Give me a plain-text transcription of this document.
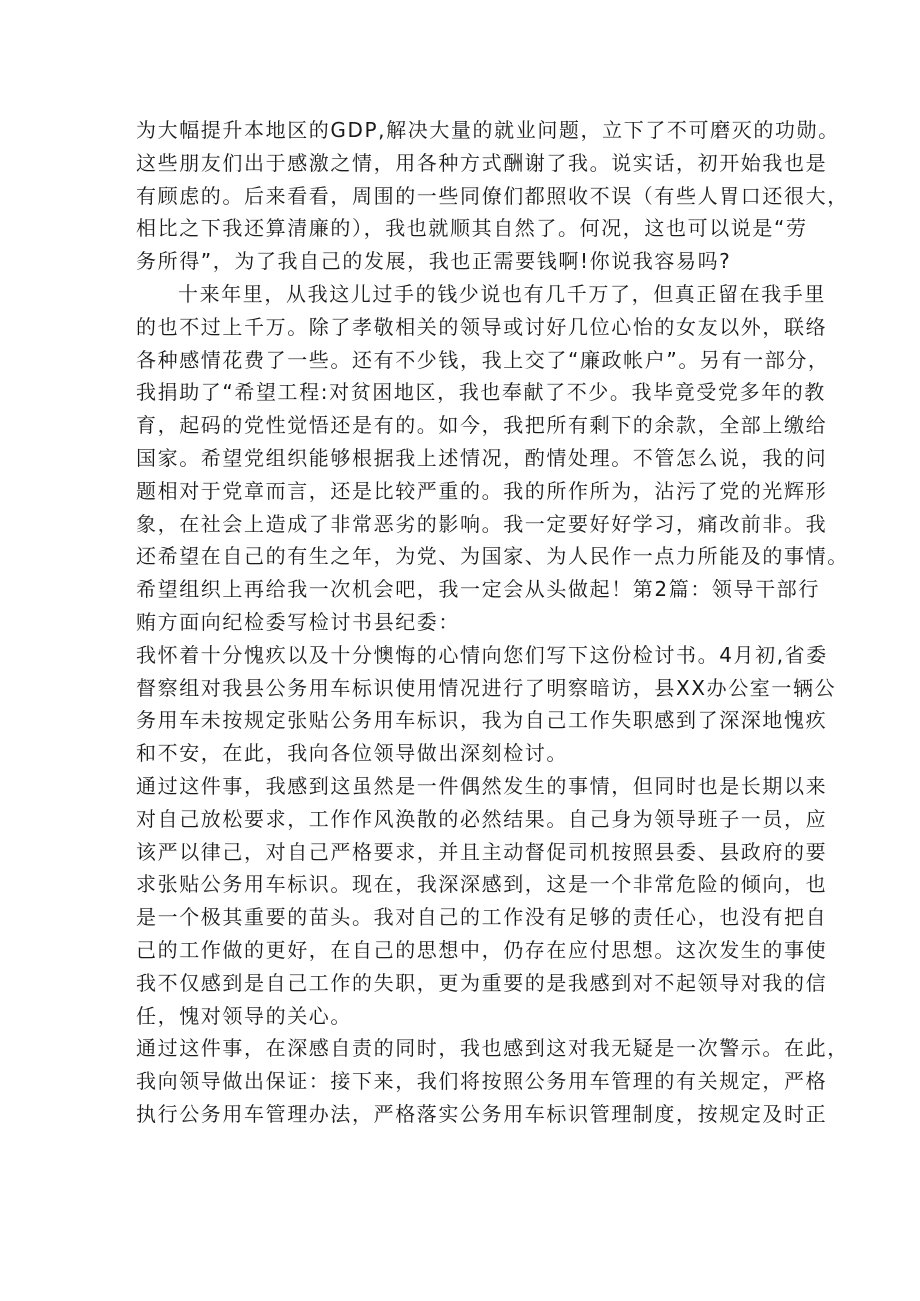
为大幅提升本地区的GDP,解决大量的就业问题，立下了不可磨灭的功勋。
这些朋友们出于感激之情，用各种方式酬谢了我。说实话，初开始我也是
有顾虑的。后来看看，周围的一些同僚们都照收不误（有些人胃口还很大，
相比之下我还算清廉的），我也就顺其自然了。何况，这也可以说是“劳
务所得”，为了我自己的发展，我也正需要钱啊!你说我容易吗?
十来年里，从我这儿过手的钱少说也有几千万了，但真正留在我手里
的也不过上千万。除了孝敬相关的领导或讨好几位心怡的女友以外，联络
各种感情花费了一些。还有不少钱，我上交了“廉政帐户”。另有一部分，
我捐助了“希望工程:对贫困地区，我也奉献了不少。我毕竟受党多年的教
育，起码的党性觉悟还是有的。如今，我把所有剩下的余款，全部上缴给
国家。希望党组织能够根据我上述情况，酌情处理。不管怎么说，我的问
题相对于党章而言，还是比较严重的。我的所作所为，沾污了党的光辉形
象，在社会上造成了非常恶劣的影响。我一定要好好学习，痛改前非。我
还希望在自己的有生之年，为党、为国家、为人民作一点力所能及的事情。
希望组织上再给我一次机会吧，我一定会从头做起！第2篇：领导干部行
贿方面向纪检委写检讨书县纪委：
我怀着十分愧疚以及十分懊悔的心情向您们写下这份检讨书。4月初,省委
督察组对我县公务用车标识使用情况进行了明察暗访，县XX办公室一辆公
务用车未按规定张贴公务用车标识，我为自己工作失职感到了深深地愧疚
和不安，在此，我向各位领导做出深刻检讨。
通过这件事，我感到这虽然是一件偶然发生的事情，但同时也是长期以来
对自己放松要求，工作作风涣散的必然结果。自己身为领导班子一员，应
该严以律己，对自己严格要求，并且主动督促司机按照县委、县政府的要
求张贴公务用车标识。现在，我深深感到，这是一个非常危险的倾向，也
是一个极其重要的苗头。我对自己的工作没有足够的责任心，也没有把自
己的工作做的更好，在自己的思想中，仍存在应付思想。这次发生的事使
我不仅感到是自己工作的失职，更为重要的是我感到对不起领导对我的信
任，愧对领导的关心。
通过这件事，在深感自责的同时，我也感到这对我无疑是一次警示。在此，
我向领导做出保证：接下来，我们将按照公务用车管理的有关规定，严格
执行公务用车管理办法，严格落实公务用车标识管理制度，按规定及时正
